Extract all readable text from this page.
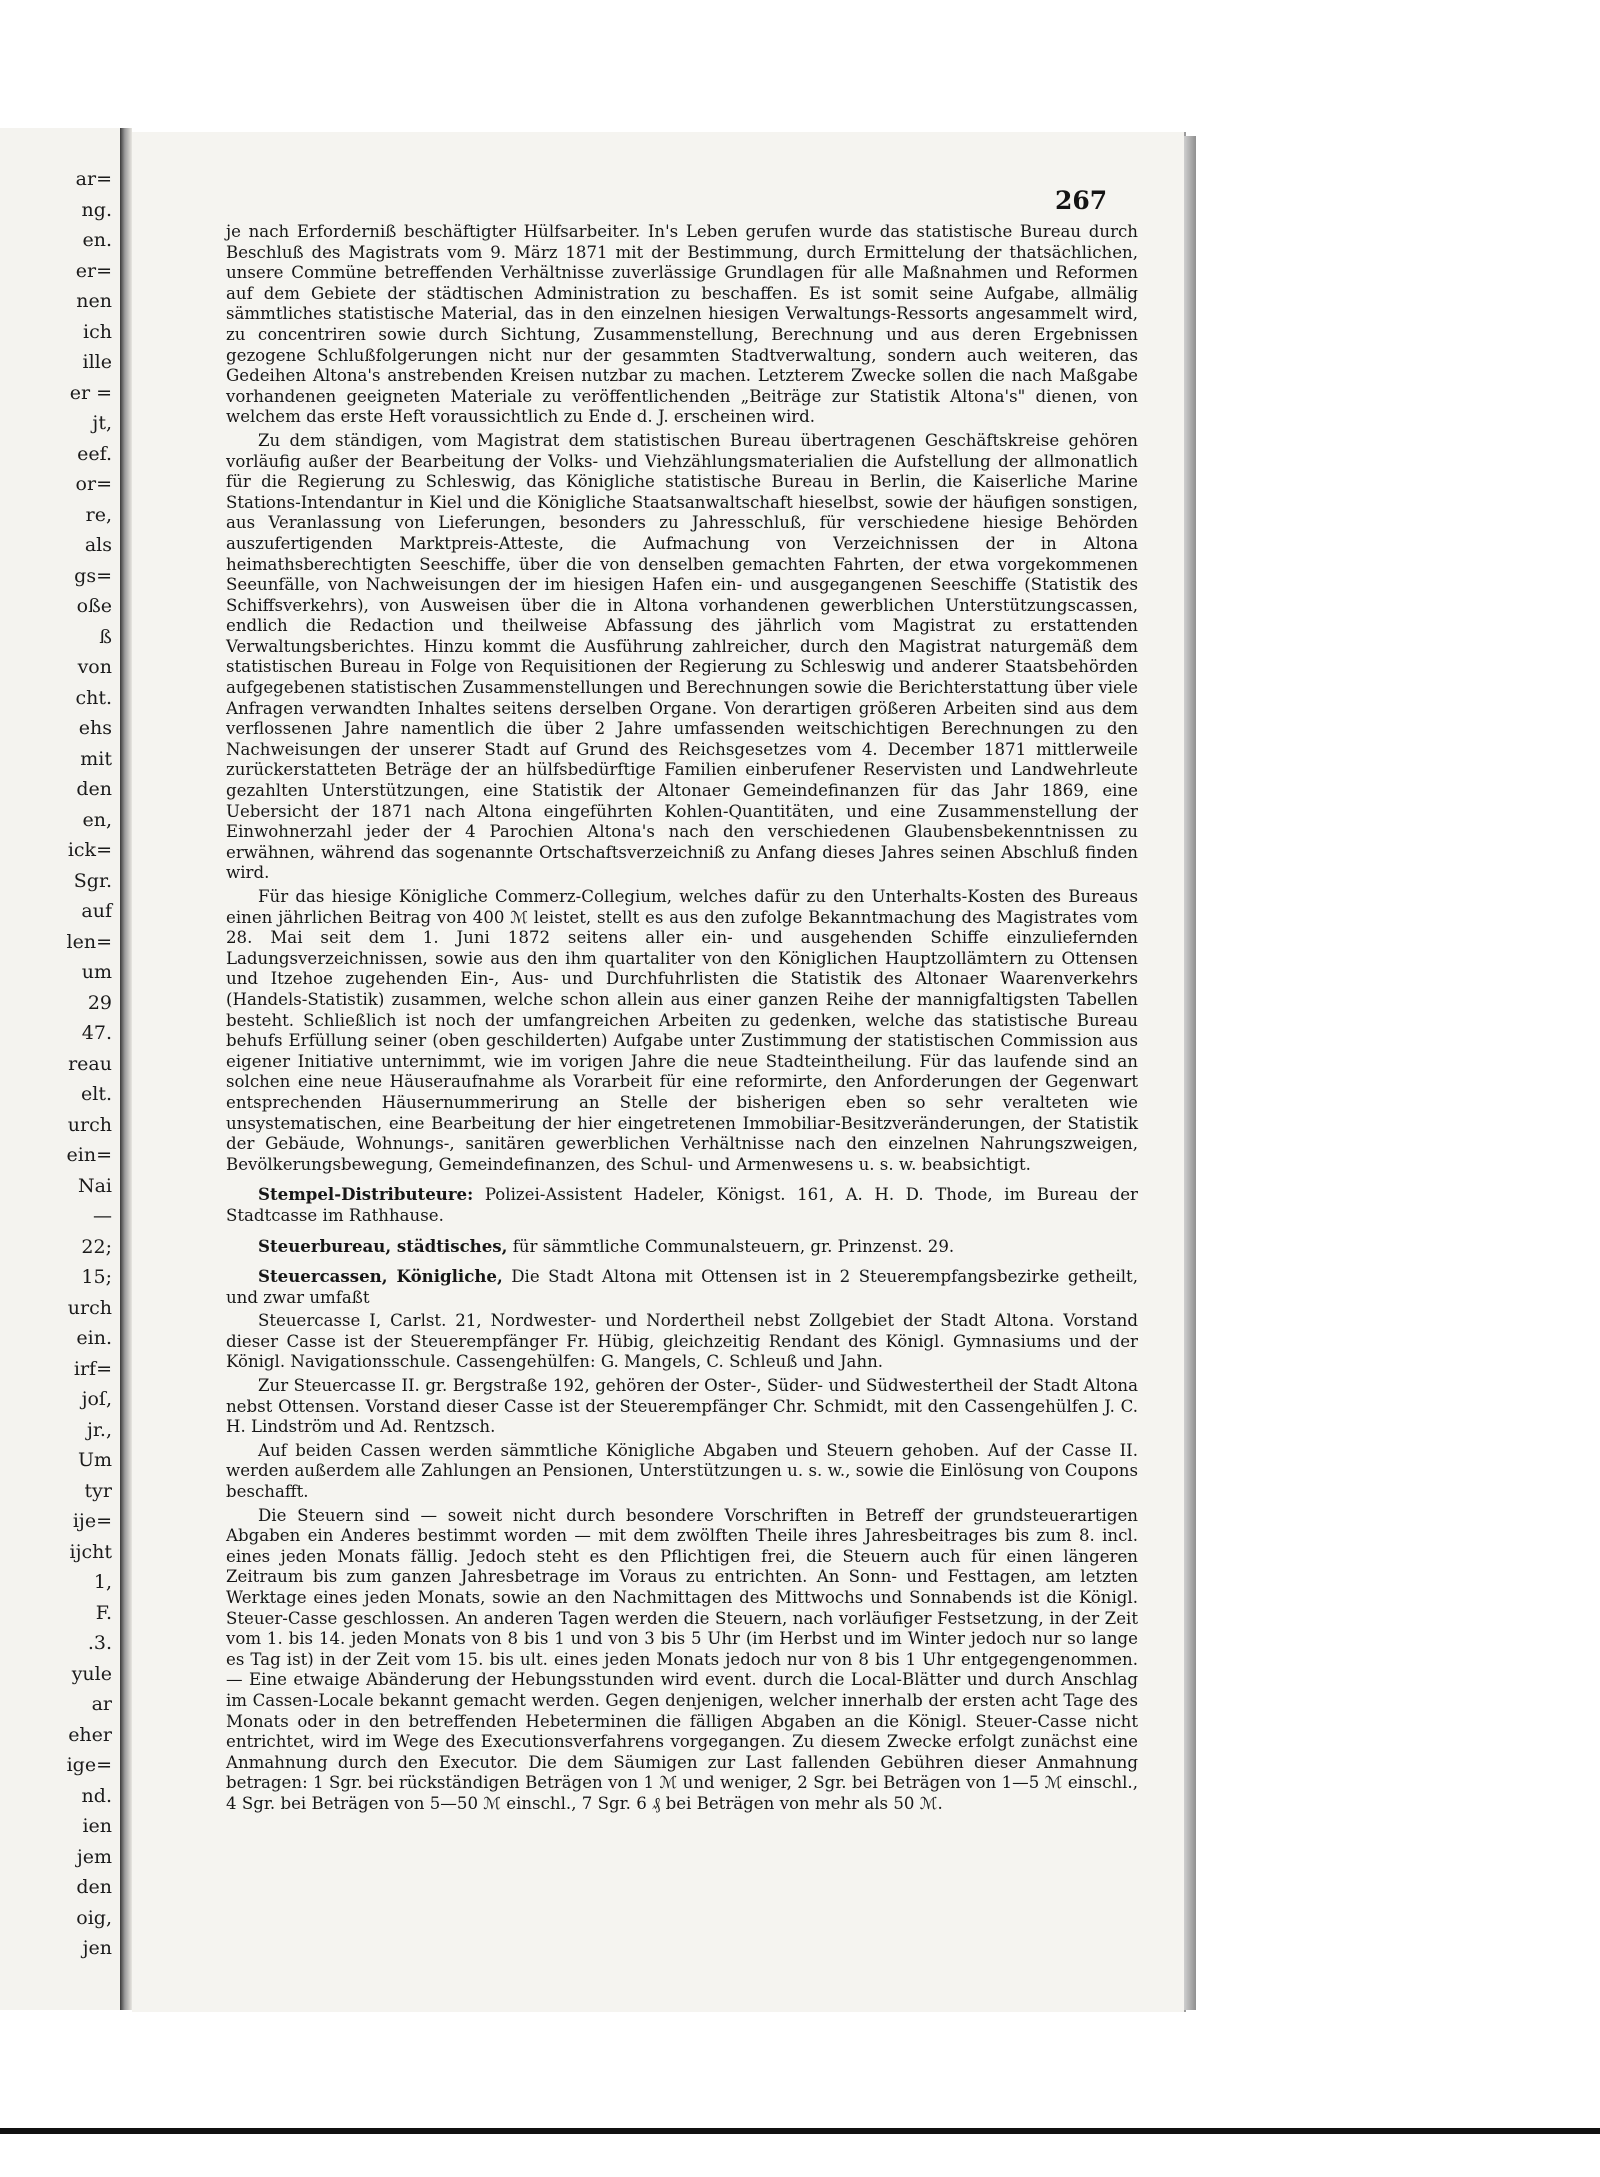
ar=
ng.
en.
er=
nen
ich
ille
er =
jt,
eef.
or=
re,
als
gs=
oße
ß
von
cht.
ehs
mit
den
en,
ick=
Sgr.
auf
len=
um
29
47.
reau
elt.
urch
ein=
Nai
—
22;
15;
urch
ein.
irf=
joſ,
jr.,
Um
tyr
ije=
ijcht
1,
F.
.3.
yule
ar
eher
ige=
nd.
ien
jem
den
oig,
jen
267

je nach Erforderniß beschäftigter Hülfsarbeiter. In's Leben gerufen wurde das statistische Bureau durch Beschluß des Magistrats vom 9. März 1871 mit der Bestimmung, durch Ermittelung der thatsächlichen, unsere Commüne betreffenden Verhältnisse zuverlässige Grundlagen für alle Maßnahmen und Reformen auf dem Gebiete der städtischen Administration zu beschaffen. Es ist somit seine Aufgabe, allmälig sämmtliches statistische Material, das in den einzelnen hiesigen Verwaltungs-Ressorts angesammelt wird, zu concentriren sowie durch Sichtung, Zusammenstellung, Berechnung und aus deren Ergebnissen gezogene Schlußfolgerungen nicht nur der gesammten Stadtverwaltung, sondern auch weiteren, das Gedeihen Altona's anstrebenden Kreisen nutzbar zu machen. Letzterem Zwecke sollen die nach Maßgabe vorhandenen geeigneten Materiale zu veröffentlichenden „Beiträge zur Statistik Altona's" dienen, von welchem das erste Heft voraussichtlich zu Ende d. J. erscheinen wird.

Zu dem ständigen, vom Magistrat dem statistischen Bureau übertragenen Geschäftskreise gehören vorläufig außer der Bearbeitung der Volks- und Viehzählungsmaterialien die Aufstellung der allmonatlich für die Regierung zu Schleswig, das Königliche statistische Bureau in Berlin, die Kaiserliche Marine Stations-Intendantur in Kiel und die Königliche Staatsanwaltschaft hieselbst, sowie der häufigen sonstigen, aus Veranlassung von Lieferungen, besonders zu Jahresschluß, für verschiedene hiesige Behörden auszufertigenden Marktpreis-Atteste, die Aufmachung von Verzeichnissen der in Altona heimathsberechtigten Seeschiffe, über die von denselben gemachten Fahrten, der etwa vorgekommenen Seeunfälle, von Nachweisungen der im hiesigen Hafen ein- und ausgegangenen Seeschiffe (Statistik des Schiffsverkehrs), von Ausweisen über die in Altona vorhandenen gewerblichen Unterstützungscassen, endlich die Redaction und theilweise Abfassung des jährlich vom Magistrat zu erstattenden Verwaltungsberichtes. Hinzu kommt die Ausführung zahlreicher, durch den Magistrat naturgemäß dem statistischen Bureau in Folge von Requisitionen der Regierung zu Schleswig und anderer Staatsbehörden aufgegebenen statistischen Zusammenstellungen und Berechnungen sowie die Berichterstattung über viele Anfragen verwandten Inhaltes seitens derselben Organe. Von derartigen größeren Arbeiten sind aus dem verflossenen Jahre namentlich die über 2 Jahre umfassenden weitschichtigen Berechnungen zu den Nachweisungen der unserer Stadt auf Grund des Reichsgesetzes vom 4. December 1871 mittlerweile zurückerstatteten Beträge der an hülfsbedürftige Familien einberufener Reservisten und Landwehrleute gezahlten Unterstützungen, eine Statistik der Altonaer Gemeindefinanzen für das Jahr 1869, eine Uebersicht der 1871 nach Altona eingeführten Kohlen-Quantitäten, und eine Zusammenstellung der Einwohnerzahl jeder der 4 Parochien Altona's nach den verschiedenen Glaubensbekenntnissen zu erwähnen, während das sogenannte Ortschaftsverzeichniß zu Anfang dieses Jahres seinen Abschluß finden wird.

Für das hiesige Königliche Commerz-Collegium, welches dafür zu den Unterhalts-Kosten des Bureaus einen jährlichen Beitrag von 400 ℳ leistet, stellt es aus den zufolge Bekanntmachung des Magistrates vom 28. Mai seit dem 1. Juni 1872 seitens aller ein- und ausgehenden Schiffe einzuliefernden Ladungsverzeichnissen, sowie aus den ihm quartaliter von den Königlichen Hauptzollämtern zu Ottensen und Itzehoe zugehenden Ein-, Aus- und Durchfuhrlisten die Statistik des Altonaer Waarenverkehrs (Handels-Statistik) zusammen, welche schon allein aus einer ganzen Reihe der mannigfaltigsten Tabellen besteht. Schließlich ist noch der umfangreichen Arbeiten zu gedenken, welche das statistische Bureau behufs Erfüllung seiner (oben geschilderten) Aufgabe unter Zustimmung der statistischen Commission aus eigener Initiative unternimmt, wie im vorigen Jahre die neue Stadteintheilung. Für das laufende sind an solchen eine neue Häuseraufnahme als Vorarbeit für eine reformirte, den Anforderungen der Gegenwart entsprechenden Häusernummerirung an Stelle der bisherigen eben so sehr veralteten wie unsystematischen, eine Bearbeitung der hier eingetretenen Immobiliar-Besitzveränderungen, der Statistik der Gebäude, Wohnungs-, sanitären gewerblichen Verhältnisse nach den einzelnen Nahrungszweigen, Bevölkerungsbewegung, Gemeindefinanzen, des Schul- und Armenwesens u. s. w. beabsichtigt.

Stempel-Distributeure: Polizei-Assistent Hadeler, Königst. 161, A. H. D. Thode, im Bureau der Stadtcasse im Rathhause.

Steuerbureau, städtisches, für sämmtliche Communalsteuern, gr. Prinzenst. 29.

Steuercassen, Königliche, Die Stadt Altona mit Ottensen ist in 2 Steuerempfangsbezirke getheilt, und zwar umfaßt

Steuercasse I, Carlst. 21, Nordwester- und Nordertheil nebst Zollgebiet der Stadt Altona. Vorstand dieser Casse ist der Steuerempfänger Fr. Hübig, gleichzeitig Rendant des Königl. Gymnasiums und der Königl. Navigationsschule. Cassengehülfen: G. Mangels, C. Schleuß und Jahn.

Zur Steuercasse II. gr. Bergstraße 192, gehören der Oster-, Süder- und Südwestertheil der Stadt Altona nebst Ottensen. Vorstand dieser Casse ist der Steuerempfänger Chr. Schmidt, mit den Cassengehülfen J. C. H. Lindström und Ad. Rentzsch.

Auf beiden Cassen werden sämmtliche Königliche Abgaben und Steuern gehoben. Auf der Casse II. werden außerdem alle Zahlungen an Pensionen, Unterstützungen u. s. w., sowie die Einlösung von Coupons beschafft.

Die Steuern sind — soweit nicht durch besondere Vorschriften in Betreff der grundsteuerartigen Abgaben ein Anderes bestimmt worden — mit dem zwölften Theile ihres Jahresbeitrages bis zum 8. incl. eines jeden Monats fällig. Jedoch steht es den Pflichtigen frei, die Steuern auch für einen längeren Zeitraum bis zum ganzen Jahresbetrage im Voraus zu entrichten. An Sonn- und Festtagen, am letzten Werktage eines jeden Monats, sowie an den Nachmittagen des Mittwochs und Sonnabends ist die Königl. Steuer-Casse geschlossen. An anderen Tagen werden die Steuern, nach vorläufiger Festsetzung, in der Zeit vom 1. bis 14. jeden Monats von 8 bis 1 und von 3 bis 5 Uhr (im Herbst und im Winter jedoch nur so lange es Tag ist) in der Zeit vom 15. bis ult. eines jeden Monats jedoch nur von 8 bis 1 Uhr entgegengenommen. — Eine etwaige Abänderung der Hebungsstunden wird event. durch die Local-Blätter und durch Anschlag im Cassen-Locale bekannt gemacht werden. Gegen denjenigen, welcher innerhalb der ersten acht Tage des Monats oder in den betreffenden Hebeterminen die fälligen Abgaben an die Königl. Steuer-Casse nicht entrichtet, wird im Wege des Executionsverfahrens vorgegangen. Zu diesem Zwecke erfolgt zunächst eine Anmahnung durch den Executor. Die dem Säumigen zur Last fallenden Gebühren dieser Anmahnung betragen: 1 Sgr. bei rückständigen Beträgen von 1 ℳ und weniger, 2 Sgr. bei Beträgen von 1—5 ℳ einschl., 4 Sgr. bei Beträgen von 5—50 ℳ einschl., 7 Sgr. 6 ₰ bei Beträgen von mehr als 50 ℳ.
